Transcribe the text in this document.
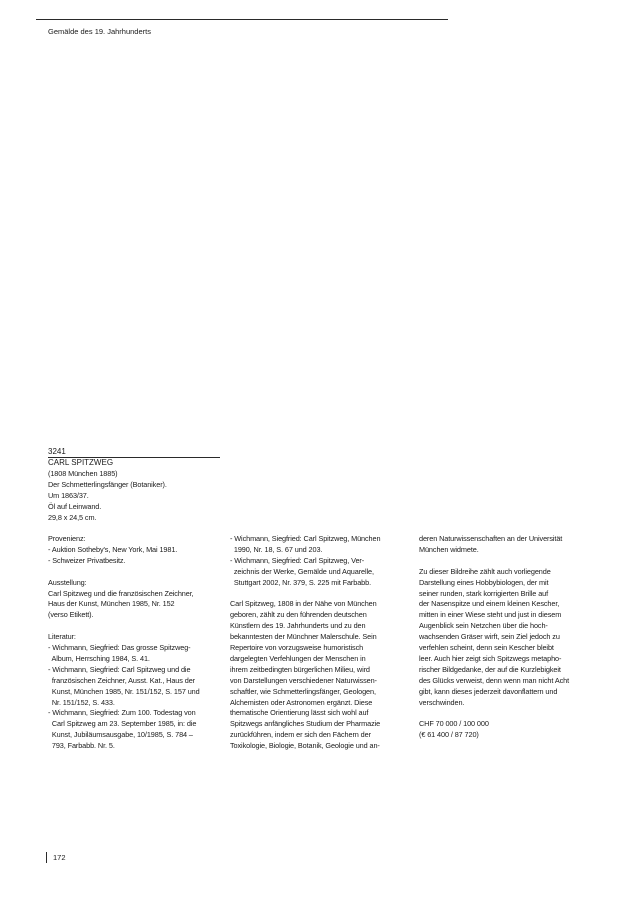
Gemälde des 19. Jahrhunderts
3241
CARL SPITZWEG
(1808 München 1885)
Der Schmetterlingsfänger (Botaniker).
Um 1863/37.
Öl auf Leinwand.
29,8 x 24,5 cm.
Provenienz:
- Auktion Sotheby's, New York, Mai 1981.
- Schweizer Privatbesitz.
Ausstellung:
Carl Spitzweg und die französischen Zeichner,
Haus der Kunst, München 1985, Nr. 152
(verso Etikett).
Literatur:
- Wichmann, Siegfried: Das grosse Spitzweg-
Album, Herrsching 1984, S. 41.
- Wichmann, Siegfried: Carl Spitzweg und die
französischen Zeichner, Ausst. Kat., Haus der
Kunst, München 1985, Nr. 151/152, S. 157 und
Nr. 151/152, S. 433.
- Wichmann, Siegfried: Zum 100. Todestag von
Carl Spitzweg am 23. September 1985, in: die
Kunst, Jubiläumsausgabe, 10/1985, S. 784 –
793, Farbabb. Nr. 5.
- Wichmann, Siegfried: Carl Spitzweg, München
1990, Nr. 18, S. 67 und 203.
- Wichmann, Siegfried: Carl Spitzweg, Ver-
zeichnis der Werke, Gemälde und Aquarelle,
Stuttgart 2002, Nr. 379, S. 225 mit Farbabb.
Carl Spitzweg, 1808 in der Nähe von München
geboren, zählt zu den führenden deutschen
Künstlern des 19. Jahrhunderts und zu den
bekanntesten der Münchner Malerschule. Sein
Repertoire von vorzugsweise humoristisch
dargelegten Verfehlungen der Menschen in
ihrem zeitbedingten bürgerlichen Milieu, wird
von Darstellungen verschiedener Naturwissen-
schaftler, wie Schmetterlingsfänger, Geologen,
Alchemisten oder Astronomen ergänzt. Diese
thematische Orientierung lässt sich wohl auf
Spitzwegs anfängliches Studium der Pharmazie
zurückführen, indem er sich den Fächern der
Toxikologie, Biologie, Botanik, Geologie und an-
deren Naturwissenschaften an der Universität
München widmete.
Zu dieser Bildreihe zählt auch vorliegende
Darstellung eines Hobbybiologen, der mit
seiner runden, stark korrigierten Brille auf
der Nasenspitze und einem kleinen Kescher,
mitten in einer Wiese steht und just in diesem
Augenblick sein Netzchen über die hoch-
wachsenden Gräser wirft, sein Ziel jedoch zu
verfehlen scheint, denn sein Kescher bleibt
leer. Auch hier zeigt sich Spitzwegs metapho-
rischer Bildgedanke, der auf die Kurzlebigkeit
des Glücks verweist, denn wenn man nicht Acht
gibt, kann dieses jederzeit davonflattern und
verschwinden.
CHF 70 000 / 100 000
(€ 61 400 / 87 720)
172
